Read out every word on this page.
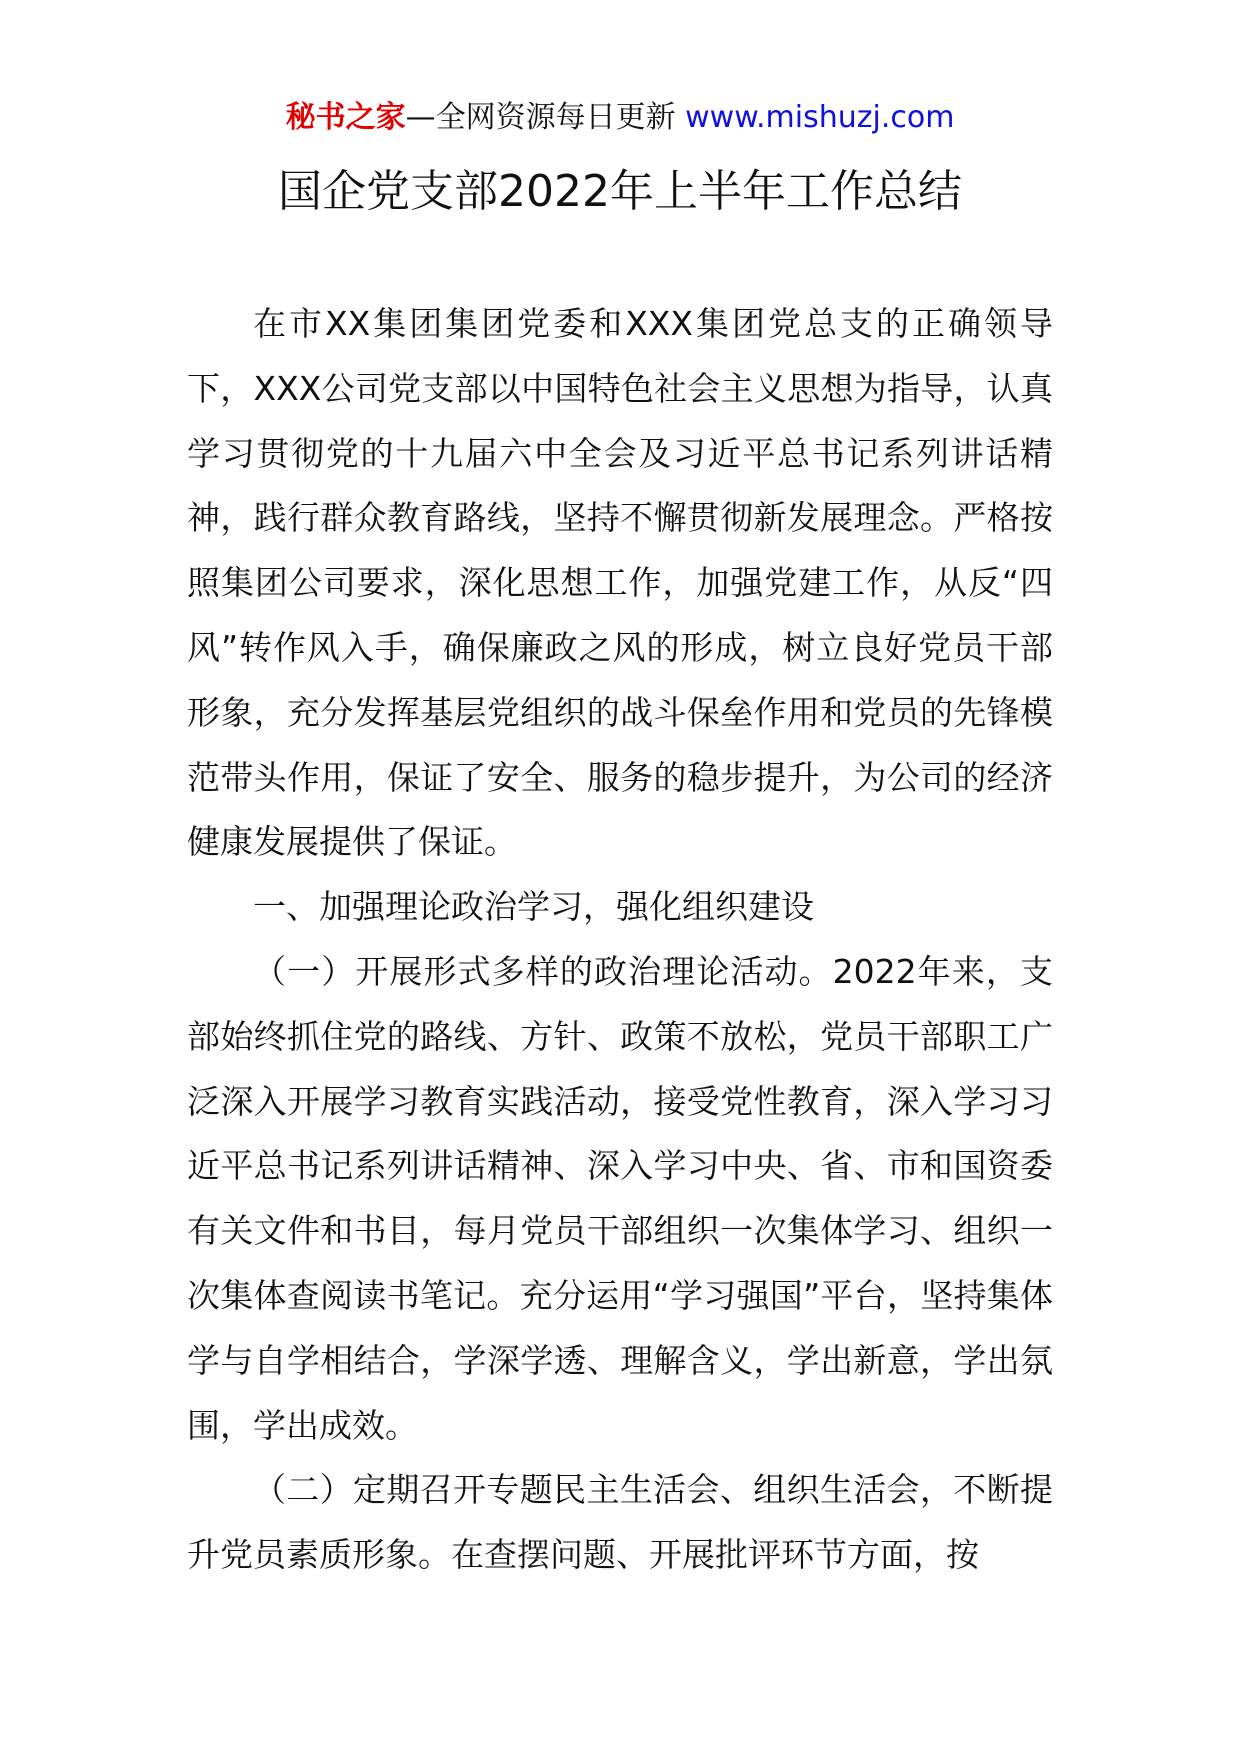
秘书之家—全网资源每日更新 www.mishuzj.com
国企党支部2022年上半年工作总结

在市XX集团集团党委和XXX集团党总支的正确领导下，XXX公司党支部以中国特色社会主义思想为指导，认真学习贯彻党的十九届六中全会及习近平总书记系列讲话精神，践行群众教育路线，坚持不懈贯彻新发展理念。严格按照集团公司要求，深化思想工作，加强党建工作，从反“四风”转作风入手，确保廉政之风的形成，树立良好党员干部形象，充分发挥基层党组织的战斗保垒作用和党员的先锋模范带头作用，保证了安全、服务的稳步提升，为公司的经济健康发展提供了保证。

一、加强理论政治学习，强化组织建设

（一）开展形式多样的政治理论活动。2022年来，支部始终抓住党的路线、方针、政策不放松，党员干部职工广泛深入开展学习教育实践活动，接受党性教育，深入学习习近平总书记系列讲话精神、深入学习中央、省、市和国资委有关文件和书目，每月党员干部组织一次集体学习、组织一次集体查阅读书笔记。充分运用“学习强国”平台，坚持集体学与自学相结合，学深学透、理解含义，学出新意，学出氛围，学出成效。

（二）定期召开专题民主生活会、组织生活会，不断提升党员素质形象。在查摆问题、开展批评环节方面，按
